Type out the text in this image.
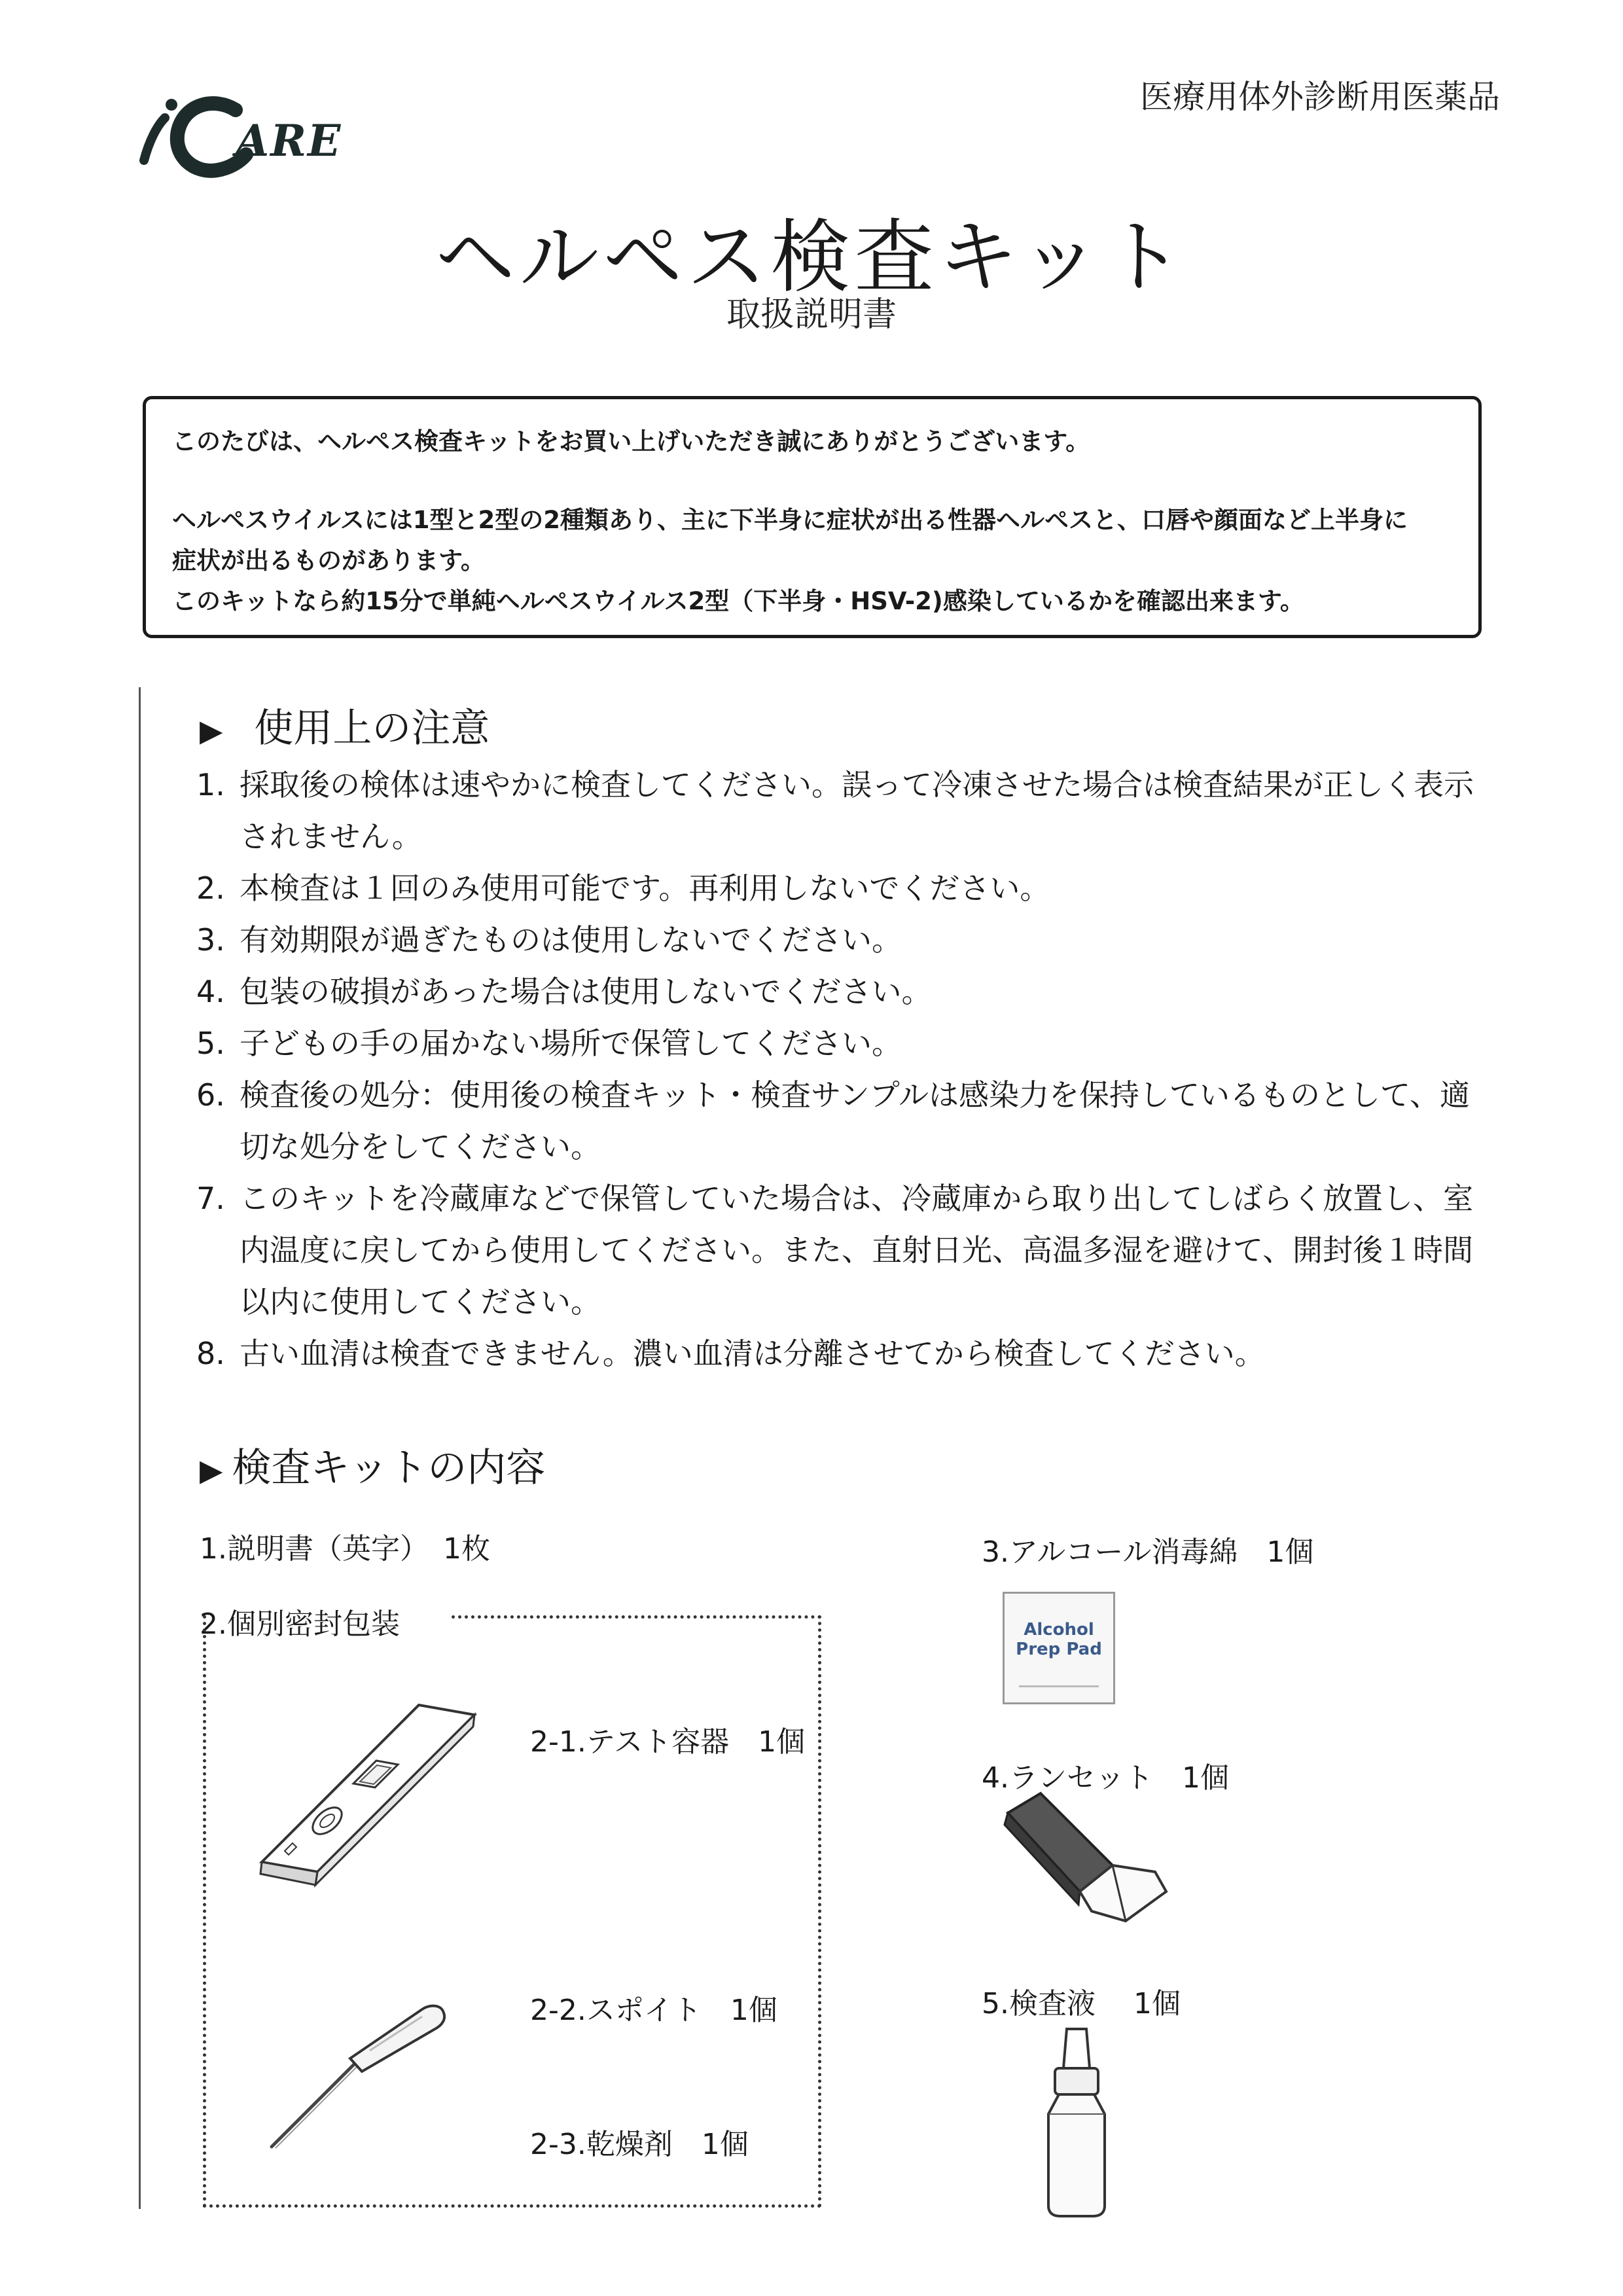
ARE
医療用体外診断用医薬品
ヘルペス検査キット
取扱説明書

このたびは、ヘルペス検査キットをお買い上げいただき誠にありがとうございます。

ヘルペスウイルスには1型と2型の2種類あり、主に下半身に症状が出る性器ヘルペスと、口唇や顔面など上半身に

症状が出るものがあります。

このキットなら約15分で単純ヘルペスウイルス2型（下半身・HSV-2)感染しているかを確認出来ます。

▶ 使用上の注意
1. 採取後の検体は速やかに検査してください。誤って冷凍させた場合は検査結果が正しく表示されません。
2. 本検査は１回のみ使用可能です。再利用しないでください。
3. 有効期限が過ぎたものは使用しないでください。
4. 包装の破損があった場合は使用しないでください。
5. 子どもの手の届かない場所で保管してください。
6. 検査後の処分：使用後の検査キット・検査サンプルは感染力を保持しているものとして、適切な処分をしてください。
7. このキットを冷蔵庫などで保管していた場合は、冷蔵庫から取り出してしばらく放置し、室内温度に戻してから使用してください。また、直射日光、高温多湿を避けて、開封後１時間以内に使用してください。
8. 古い血清は検査できません。濃い血清は分離させてから検査してください。
▶ 検査キットの内容
1.説明書（英字）　1枚
2.個別密封包装
2-1.テスト容器　1個
2-2.スポイト　1個
2-3.乾燥剤　1個
3.アルコール消毒綿　1個
4.ランセット　1個
5.検査液　 1個
Alcohol
Prep Pad
